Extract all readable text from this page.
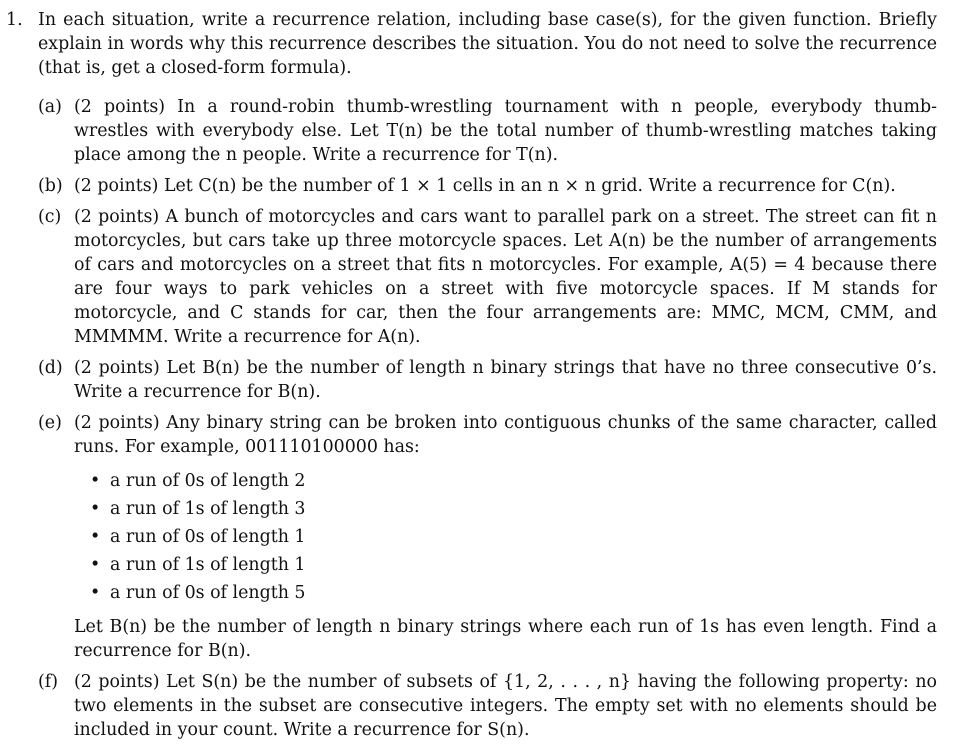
1. In each situation, write a recurrence relation, including base case(s), for the given function. Briefly explain in words why this recurrence describes the situation. You do not need to solve the recurrence (that is, get a closed-form formula).
(a) (2 points) In a round-robin thumb-wrestling tournament with n people, everybody thumb-wrestles with everybody else. Let T(n) be the total number of thumb-wrestling matches taking place among the n people. Write a recurrence for T(n).
(b) (2 points) Let C(n) be the number of 1 × 1 cells in an n × n grid. Write a recurrence for C(n).
(c) (2 points) A bunch of motorcycles and cars want to parallel park on a street. The street can fit n motorcycles, but cars take up three motorcycle spaces. Let A(n) be the number of arrangements of cars and motorcycles on a street that fits n motorcycles. For example, A(5) = 4 because there are four ways to park vehicles on a street with five motorcycle spaces. If M stands for motorcycle, and C stands for car, then the four arrangements are: MMC, MCM, CMM, and MMMMM. Write a recurrence for A(n).
(d) (2 points) Let B(n) be the number of length n binary strings that have no three consecutive 0’s. Write a recurrence for B(n).
(e) (2 points) Any binary string can be broken into contiguous chunks of the same character, called runs. For example, 001110100000 has:
• a run of 0s of length 2
• a run of 1s of length 3
• a run of 0s of length 1
• a run of 1s of length 1
• a run of 0s of length 5
Let B(n) be the number of length n binary strings where each run of 1s has even length. Find a recurrence for B(n).
(f) (2 points) Let S(n) be the number of subsets of {1, 2, . . . , n} having the following property: no two elements in the subset are consecutive integers. The empty set with no elements should be included in your count. Write a recurrence for S(n).
